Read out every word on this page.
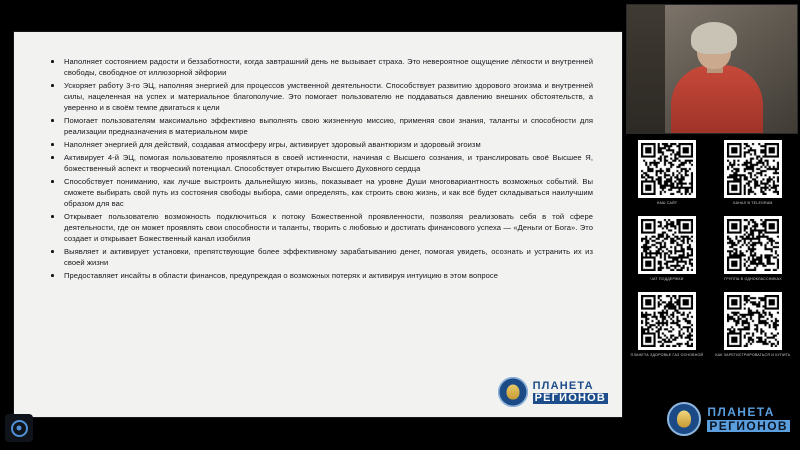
Наполняет состоянием радости и беззаботности, когда завтрашний день не вызывает страха. Это невероятное ощущение лёгкости и внутренней свободы, свободное от иллюзорной эйфории
Ускоряет работу 3-го ЭЦ, наполняя энергией для процессов умственной деятельности. Способствует развитию здорового эгоизма и внутренней силы, нацеленная на успех и материальное благополучие. Это помогает пользователю не поддаваться давлению внешних обстоятельств, а уверенно и в своём темпе двигаться к цели
Помогает пользователям максимально эффективно выполнять свою жизненную миссию, применяя свои знания, таланты и способности для реализации предназначения в материальном мире
Наполняет энергией для действий, создавая атмосферу игры, активирует здоровый авантюризм и здоровый эгоизм
Активирует 4-й ЭЦ, помогая пользователю проявляться в своей истинности, начиная с Высшего сознания, и транслировать своё Высшее Я, божественный аспект и творческий потенциал. Способствует открытию Высшего Духовного сердца
Способствует пониманию, как лучше выстроить дальнейшую жизнь, показывает на уровне Души многовариантность возможных событий. Вы сможете выбирать свой путь из состояния свободы выбора, сами определять, как строить свою жизнь, и как всё будет складываться наилучшим образом для вас
Открывает пользователю возможность подключиться к потоку Божественной проявленности, позволяя реализовать себя в той сфере деятельности, где он может проявлять свои способности и таланты, творить с любовью и достигать финансового успеха — «Деньги от Бога». Это создает и открывает Божественный канал изобилия
Выявляет и активирует установки, препятствующие более эффективному зарабатыванию денег, помогая увидеть, осознать и устранить их из своей жизни
Предоставляет инсайты в области финансов, предупреждая о возможных потерях и активируя интуицию в этом вопросе
ПЛАНЕТА
РЕГИОНОВ
НАШ САЙТ	КАНАЛ В TELEGRAM
ЧАТ ПОДДЕРЖКИ	ГРУППА В ОДНОКЛАССНИКАХ
ПЛАНЕТА ЗДОРОВЬЕ ГАЗ ОСНОВНОЙ	КАК ЗАРЕГИСТРИРОВАТЬСЯ И КУПИТЬ
ПЛАНЕТА
РЕГИОНОВ
